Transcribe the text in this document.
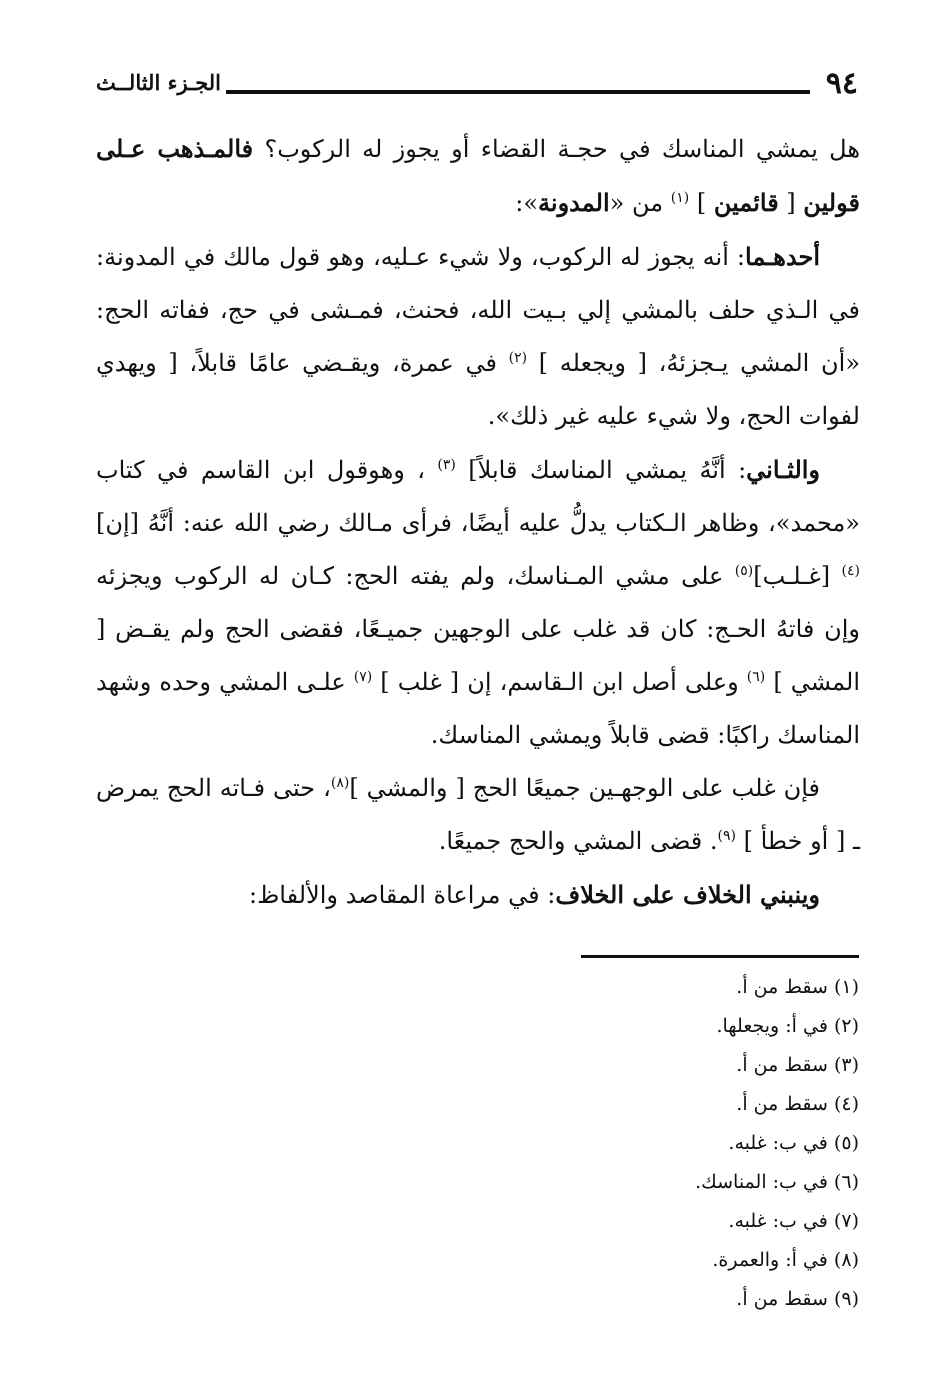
٩٤
الجـزء الثالــث

هل يمشي المناسك في حجـة القضاء أو يجوز له الركوب؟ فالمـذهب عـلى قولين [ قائمين ] $^{(١)}$ من «المدونة»:

أحدهـما: أنه يجوز له الركوب، ولا شيء عـليه، وهو قول مالك في المدونة: في الـذي حلف بالمشي إلي بـيت الله، فحنث، فمـشى في حج، ففاته الحج: «أن المشي يـجزئهُ، [ ويجعله ] $^{(٢)}$ في عمرة، ويقـضي عامًا قابلاً، [ ويهدي لفوات الحج، ولا شيء عليه غير ذلك».

والثـاني: أنَّهُ يمشي المناسك قابلاً] $^{(٣)}$ ، وهوقول ابن القاسم في كتاب «محمد»، وظاهر الـكتاب يدلُّ عليه أيضًا، فرأى مـالك رضي الله عنه: أنَّهُ [إن]$^{(٤)}$ [غـلـب]$^{(٥)}$ على مشي المـناسك، ولم يفته الحج: كـان له الركوب ويجزئه وإن فاتهُ الحـج: كان قد غلب على الوجهين جميـعًا، فقضى الحج ولم يقـض [ المشي ] $^{(٦)}$ وعلى أصل ابن الـقاسم، إن [ غلب ] $^{(٧)}$ علـى المشي وحده وشهد المناسك راكبًا: قضى قابلاً ويمشي المناسك.

فإن غلب على الوجهـين جميعًا الحج [ والمشي ]$^{(٨)}$، حتى فـاته الحج يمرض ـ [ أو خطأ ] $^{(٩)}$. قضى المشي والحج جميعًا.

وينبني الخلاف على الخلاف: في مراعاة المقاصد والألفاظ:

(١) سقط من أ.
(٢) في أ: ويجعلها.
(٣) سقط من أ.
(٤) سقط من أ.
(٥) في ب: غلبه.
(٦) في ب: المناسك.
(٧) في ب: غلبه.
(٨) في أ: والعمرة.
(٩) سقط من أ.
